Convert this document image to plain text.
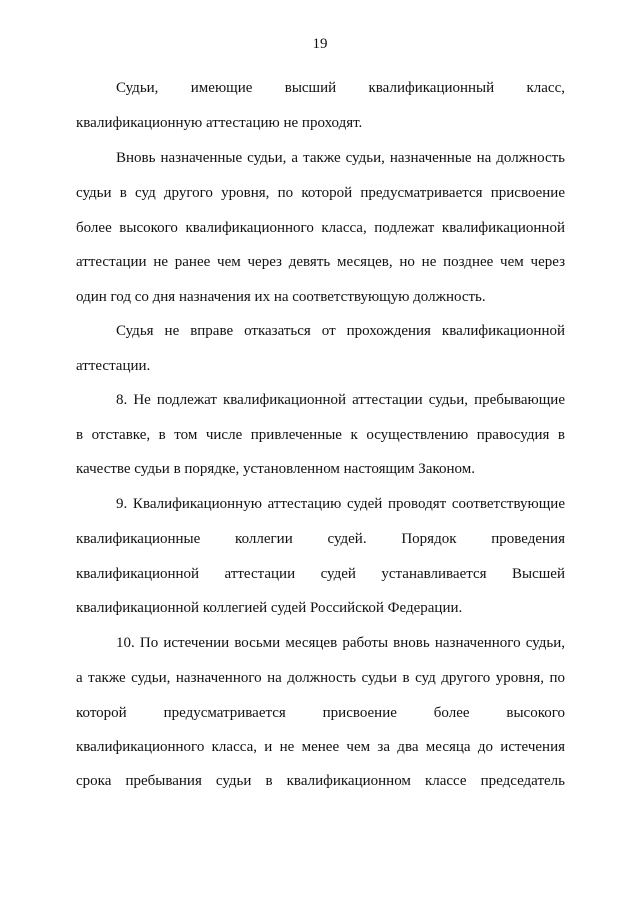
19
Судьи, имеющие высший квалификационный класс,
квалификационную аттестацию не проходят.
Вновь назначенные судьи, а также судьи, назначенные на должность
судьи в суд другого уровня, по которой предусматривается присвоение
более высокого квалификационного класса, подлежат квалификационной
аттестации не ранее чем через девять месяцев, но не позднее чем через
один год со дня назначения их на соответствующую должность.
Судья не вправе отказаться от прохождения квалификационной
аттестации.
8. Не подлежат квалификационной аттестации судьи, пребывающие
в отставке, в том числе привлеченные к осуществлению правосудия в
качестве судьи в порядке, установленном настоящим Законом.
9. Квалификационную аттестацию судей проводят соответствующие
квалификационные коллегии судей. Порядок проведения
квалификационной аттестации судей устанавливается Высшей
квалификационной коллегией судей Российской Федерации.
10. По истечении восьми месяцев работы вновь назначенного судьи,
а также судьи, назначенного на должность судьи в суд другого уровня, по
которой предусматривается присвоение более высокого
квалификационного класса, и не менее чем за два месяца до истечения
срока пребывания судьи в квалификационном классе председатель
